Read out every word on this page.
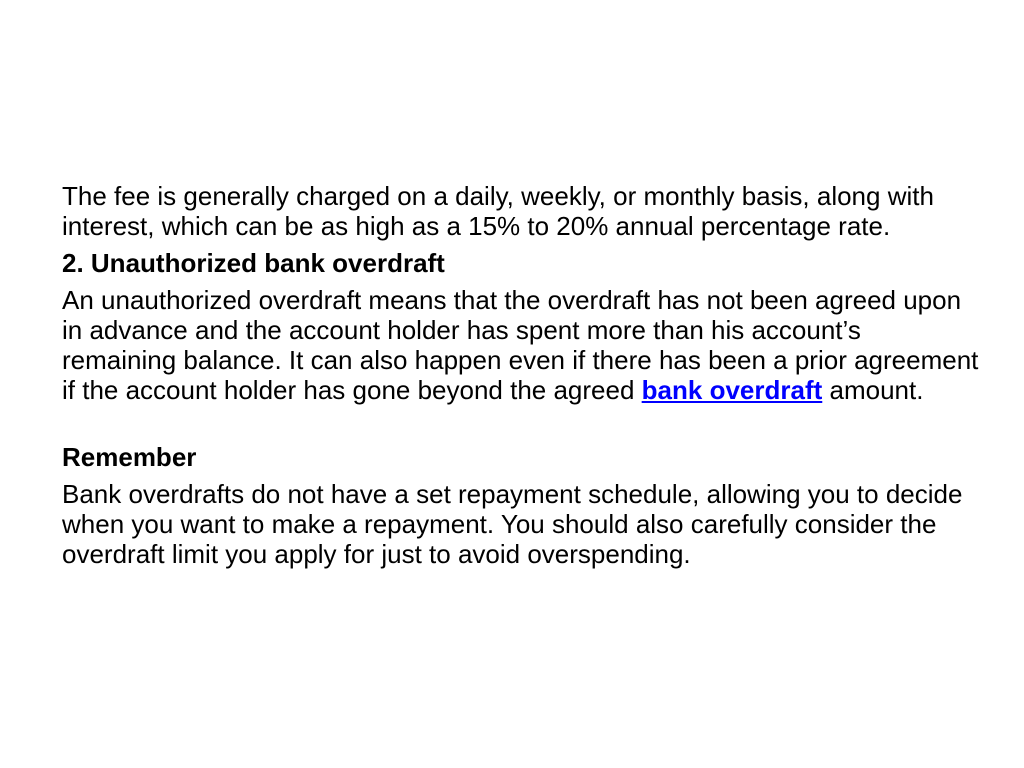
The fee is generally charged on a daily, weekly, or monthly basis, along with interest, which can be as high as a 15% to 20% annual percentage rate.

2. Unauthorized bank overdraft

An unauthorized overdraft means that the overdraft has not been agreed upon in advance and the account holder has spent more than his account’s remaining balance. It can also happen even if there has been a prior agreement if the account holder has gone beyond the agreed bank overdraft amount.

Remember

Bank overdrafts do not have a set repayment schedule, allowing you to decide when you want to make a repayment. You should also carefully consider the overdraft limit you apply for just to avoid overspending.
